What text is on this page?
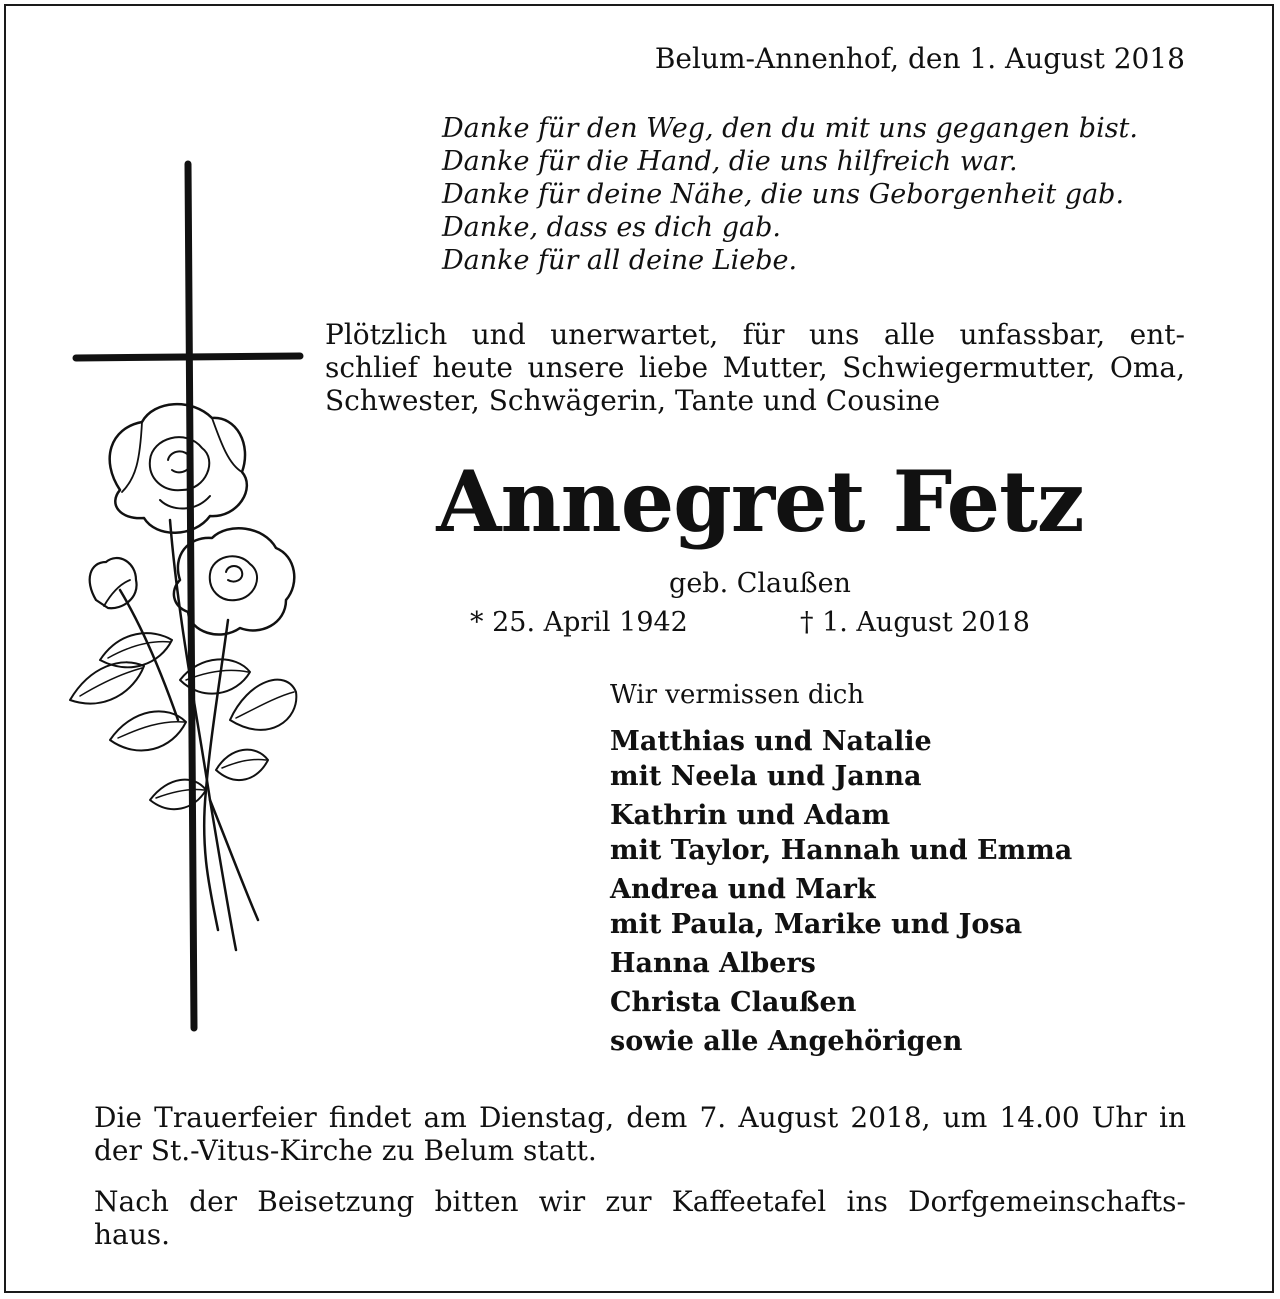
Belum-Annenhof, den 1. August 2018
Danke für den Weg, den du mit uns gegangen bist.
Danke für die Hand, die uns hilfreich war.
Danke für deine Nähe, die uns Geborgenheit gab.
Danke, dass es dich gab.
Danke für all deine Liebe.
Plötzlich und unerwartet, für uns alle unfassbar, ent-
schlief heute unsere liebe Mutter, Schwiegermutter, Oma,
Schwester, Schwägerin, Tante und Cousine
Annegret Fetz
geb. Claußen
* 25. April 1942	† 1. August 2018
Wir vermissen dich
Matthias und Natalie
mit Neela und Janna
Kathrin und Adam
mit Taylor, Hannah und Emma
Andrea und Mark
mit Paula, Marike und Josa
Hanna Albers
Christa Claußen
sowie alle Angehörigen
Die Trauerfeier findet am Dienstag, dem 7. August 2018, um 14.00 Uhr in
der St.-Vitus-Kirche zu Belum statt.
Nach der Beisetzung bitten wir zur Kaffeetafel ins Dorfgemeinschafts-
haus.
